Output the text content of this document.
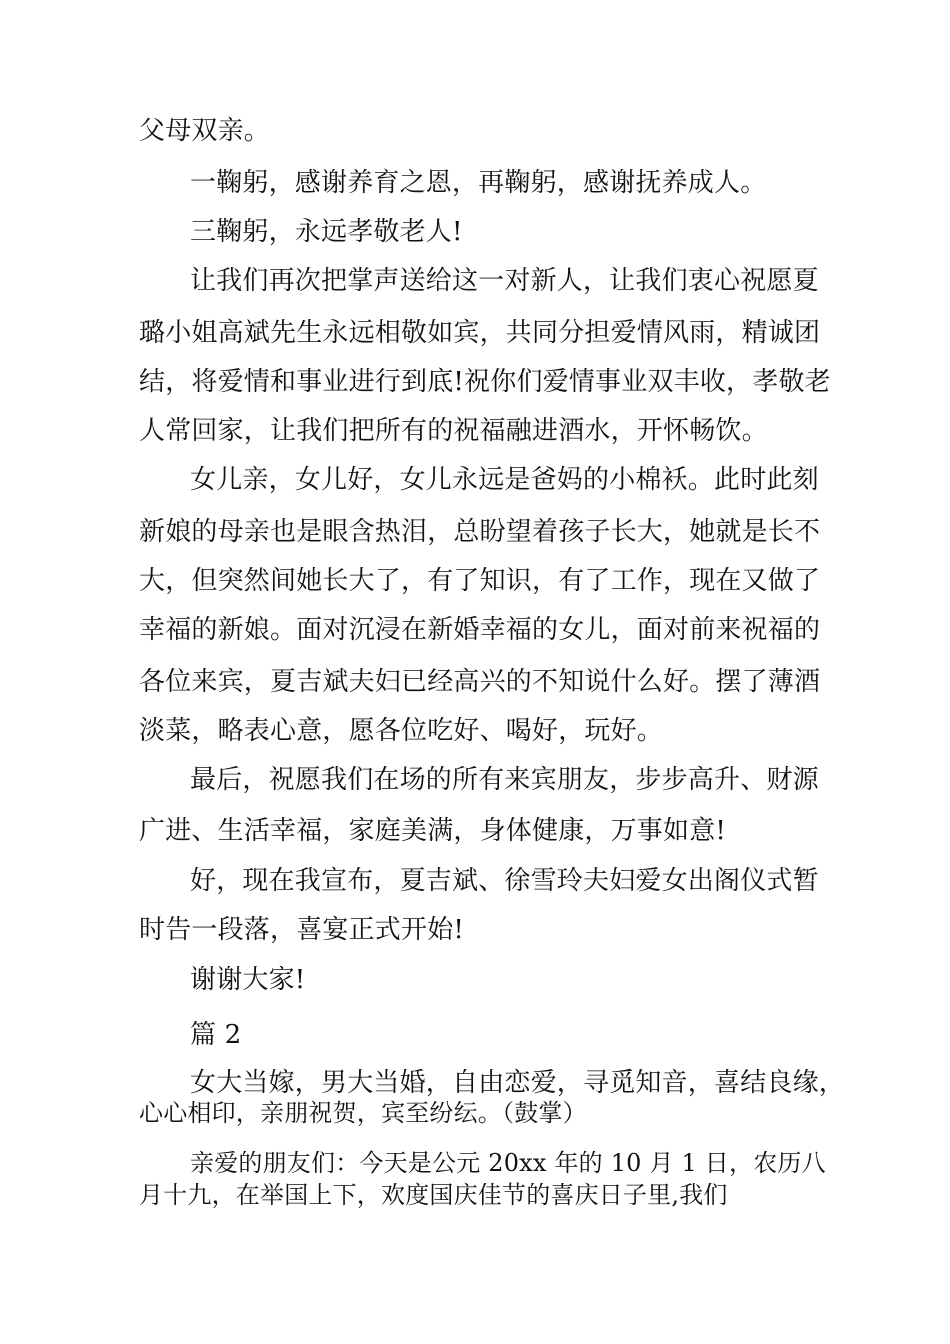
父母双亲。
一鞠躬，感谢养育之恩，再鞠躬，感谢抚养成人。
三鞠躬，永远孝敬老人!
让我们再次把掌声送给这一对新人，让我们衷心祝愿夏
璐小姐高斌先生永远相敬如宾，共同分担爱情风雨，精诚团
结，将爱情和事业进行到底!祝你们爱情事业双丰收，孝敬老
人常回家，让我们把所有的祝福融进酒水，开怀畅饮。
女儿亲，女儿好，女儿永远是爸妈的小棉袄。此时此刻
新娘的母亲也是眼含热泪，总盼望着孩子长大，她就是长不
大，但突然间她长大了，有了知识，有了工作，现在又做了
幸福的新娘。面对沉浸在新婚幸福的女儿，面对前来祝福的
各位来宾，夏吉斌夫妇已经高兴的不知说什么好。摆了薄酒
淡菜，略表心意，愿各位吃好、喝好，玩好。
最后，祝愿我们在场的所有来宾朋友，步步高升、财源
广进、生活幸福，家庭美满，身体健康，万事如意!
好，现在我宣布，夏吉斌、徐雪玲夫妇爱女出阁仪式暂
时告一段落，喜宴正式开始!
谢谢大家!
篇 2
女大当嫁，男大当婚，自由恋爱，寻觅知音，喜结良缘，
心心相印，亲朋祝贺，宾至纷纭。（鼓掌）
亲爱的朋友们：今天是公元 20xx 年的 10 月 1 日，农历八
月十九，在举国上下，欢度国庆佳节的喜庆日子里,我们
